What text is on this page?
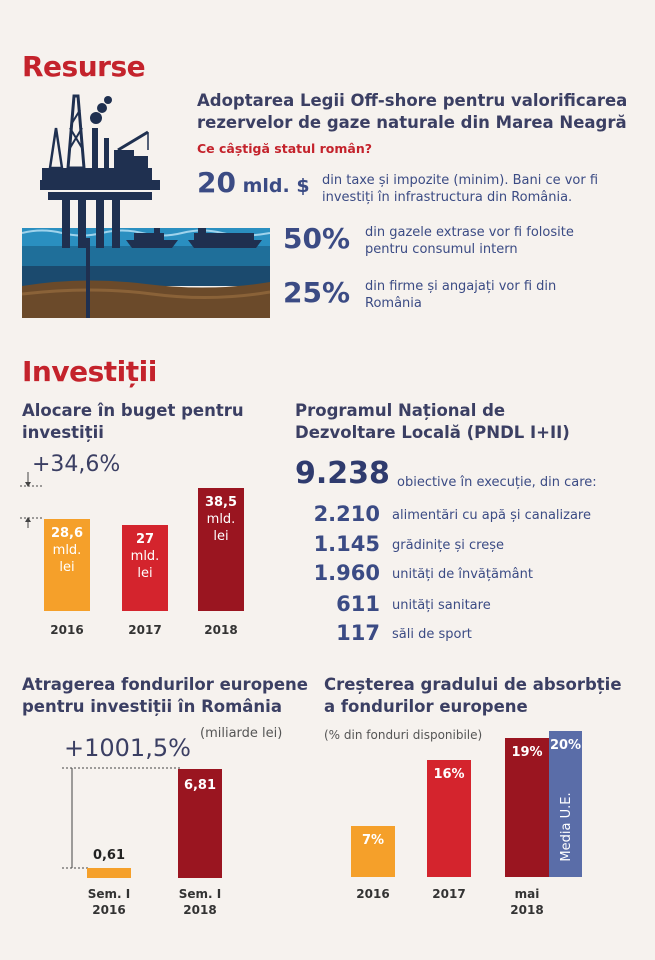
Resurse
Adoptarea Legii Off-shore pentru valorificarea
rezervelor de gaze naturale din Marea Neagră
Ce câștigă statul român?
20 mld. $ din taxe și impozite (minim). Bani ce vor fi
investiți în infrastructura din România.
50% din gazele extrase vor fi folosite
pentru consumul intern
25% din firme și angajați vor fi din
România
Investiții
Alocare în buget pentru investiții
+34,6%
Programul Național de
Dezvoltare Locală (PNDL I+II)
9.238 obiective în execuție, din care:
Atragerea fondurilor europene pentru investiții în România
(miliarde lei)
+1001,5%
Creșterea gradului de absorbție a fondurilor europene
(% din fonduri disponibile)
28,6
mld.
lei
2016
27
mld.
lei
2017
38,5
mld.
lei
2018
2.210 alimentări cu apă și canalizare
1.145 grădinițe și creșe
1.960 unități de învățământ
611 unități sanitare
117 săli de sport
0,61
Sem. I
2016
6,81
Sem. I
2018
7%
2016
16%
2017
19%
mai
2018
20%
Media U.E.
